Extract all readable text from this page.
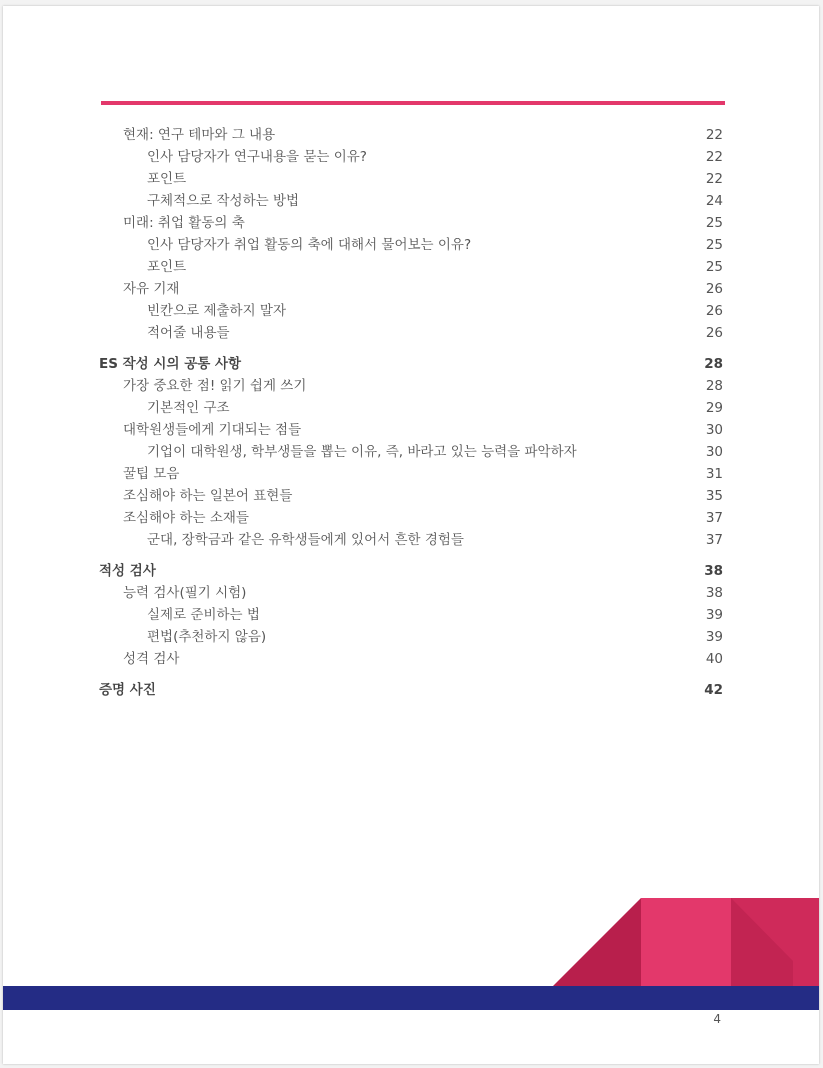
현재: 연구 테마와 그 내용	22
인사 담당자가 연구내용을 묻는 이유?	22
포인트	22
구체적으로 작성하는 방법	24
미래: 취업 활동의 축	25
인사 담당자가 취업 활동의 축에 대해서 물어보는 이유?	25
포인트	25
자유 기재	26
빈칸으로 제출하지 말자	26
적어줄 내용들	26
ES 작성 시의 공통 사항	28
가장 중요한 점! 읽기 쉽게 쓰기	28
기본적인 구조	29
대학원생들에게 기대되는 점들	30
기업이 대학원생, 학부생들을 뽑는 이유, 즉, 바라고 있는 능력을 파악하자	30
꿀팁 모음	31
조심해야 하는 일본어 표현들	35
조심해야 하는 소재들	37
군대, 장학금과 같은 유학생들에게 있어서 흔한 경험들	37
적성 검사	38
능력 검사(필기 시험)	38
실제로 준비하는 법	39
편법(추천하지 않음)	39
성격 검사	40
증명 사진	42
4
